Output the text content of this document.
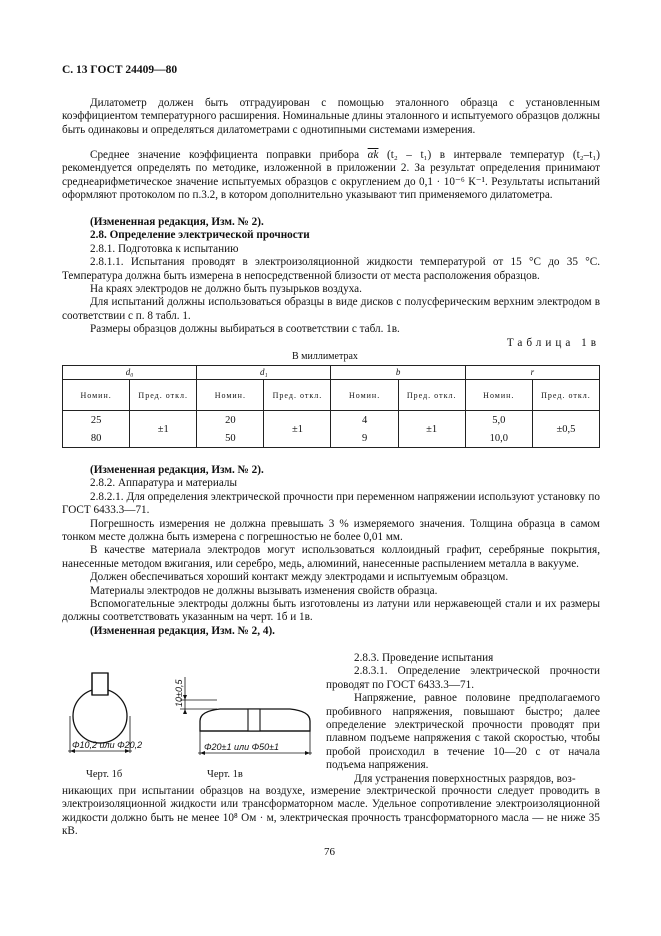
С. 13 ГОСТ 24409—80

Дилатометр должен быть отградуирован с помощью эталонного образца с установленным коэффициентом температурного расширения. Номинальные длины эталонного и испытуемого образцов должны быть одинаковы и определяться дилатометрами с однотипными системами измерения.

Среднее значение коэффициента поправки прибора $\overline{\alpha k}$ (t₂ – t₁) в интервале температур (t₂–t₁) рекомендуется определять по методике, изложенной в приложении 2. За результат определения принимают среднеарифметическое значение испытуемых образцов с округлением до 0,1 · 10⁻⁶ К⁻¹. Результаты испытаний оформляют протоколом по п.3.2, в котором дополнительно указывают тип применяемого дилатометра.

(Измененная редакция, Изм. № 2).

2.8. Определение электрической прочности

2.8.1. Подготовка к испытанию

2.8.1.1. Испытания проводят в электроизоляционной жидкости температурой от 15 °С до 35 °С. Температура должна быть измерена в непосредственной близости от места расположения образцов.

На краях электродов не должно быть пузырьков воздуха.

Для испытаний должны использоваться образцы в виде дисков с полусферическим верхним электродом в соответствии с п. 8 табл. 1.

Размеры образцов должны выбираться в соответствии с табл. 1в.

Таблица 1в
В миллиметрах
d₀		d₁		b		r	
Номин.	Пред. откл.	Номин.	Пред. откл.	Номин.	Пред. откл.	Номин.	Пред. откл.
25	±1	20	±1	4	±1	5,0	±0,5
80		50		9		10,0	

(Измененная редакция, Изм. № 2).

2.8.2. Аппаратура и материалы

2.8.2.1. Для определения электрической прочности при переменном напряжении используют установку по ГОСТ 6433.3—71.

Погрешность измерения не должна превышать 3 % измеряемого значения. Толщина образца в самом тонком месте должна быть измерена с погрешностью не более 0,01 мм.

В качестве материала электродов могут использоваться коллоидный графит, серебряные покрытия, нанесенные методом вжигания, или серебро, медь, алюминий, нанесенные распылением металла в вакууме.

Должен обеспечиваться хороший контакт между электродами и испытуемым образцом.

Материалы электродов не должны вызывать изменения свойств образца.

Вспомогательные электроды должны быть изготовлены из латуни или нержавеющей стали и их размеры должны соответствовать указанным на черт. 1б и 1в.

(Измененная редакция, Изм. № 2, 4).

Φ10,2 или Φ20,2
10±0,5
Φ20±1 или Φ50±1
Черт. 1б	Черт. 1в

2.8.3. Проведение испытания

2.8.3.1. Определение электрической прочности проводят по ГОСТ 6433.3—71.

Напряжение, равное половине предполагаемого пробивного напряжения, повышают быстро; далее определение электрической прочности проводят при плавном подъеме напряжения с такой скоростью, чтобы пробой происходил в течение 10—20 с от начала подъема напряжения.

Для устранения поверхностных разрядов, воз-

никающих при испытании образцов на воздухе, измерение электрической прочности следует проводить в электроизоляционной жидкости или трансформаторном масле. Удельное сопротивление электроизоляционной жидкости должно быть не менее 10⁸ Ом · м, электрическая прочность трансформаторного масла — не ниже 35 кВ.

76
